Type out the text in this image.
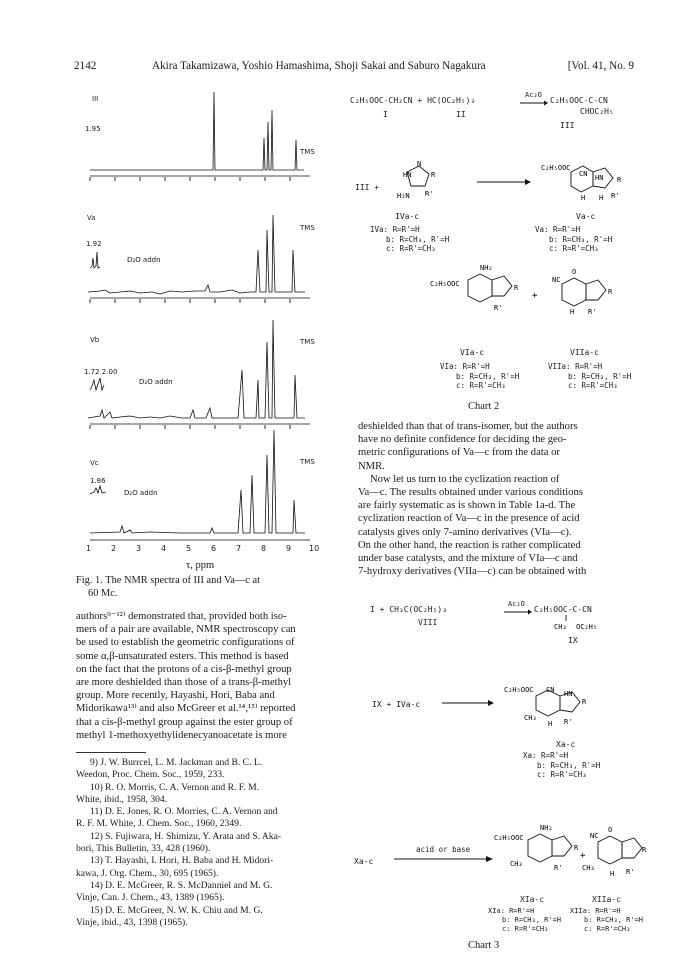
2142	Akira Takamizawa, Yoshio Hamashima, Shoji Sakai and Saburo Nagakura	[Vol. 41, No. 9
III
1.95
TMS
Va
1.92
D₂O addn
TMS
Vb
1.72 2.00
D₂O addn
TMS
Vc
1.86
D₂O addn
TMS
1 2 3 4 5 6 7 8 9 10
τ, ppm
Fig. 1. The NMR spectra of III and Va—c at
60 Mc.

authors⁹⁻¹²⁾ demonstrated that, provided both iso-

mers of a pair are available, NMR spectroscopy can

be used to establish the geometric configurations of

some α,β-unsaturated esters. This method is based

on the fact that the protons of a cis-β-methyl group

are more deshielded than those of a trans-β-methyl

group. More recently, Hayashi, Hori, Baba and

Midorikawa¹³⁾ and also McGreer et al.¹⁴,¹⁵⁾ reported

that a cis-β-methyl group against the ester group of

methyl 1-methoxyethylidenecyanoacetate is more

9) J. W. Burrcel, L. M. Jackman and B. C. L.
Weedon, Proc. Chem. Soc., 1959, 233.
10) R. O. Morris, C. A. Vernon and R. F. M.
White, ibid., 1958, 304.
11) D. E. Jones, R. O. Morries, C. A. Vernon and
R. F. M. White, J. Chem. Soc., 1960, 2349.
12) S. Fujiwara, H. Shimizu, Y. Arata and S. Aka-
bori, This Bulletin, 33, 428 (1960).
13) T. Hayashi, I. Hori, H. Baba and H. Midori-
kawa, J. Org. Chem., 30, 695 (1965).
14) D. E. McGreer, R. S. McDanniel and M. G.
Vinje, Can. J. Chem., 43, 1389 (1965).
15) D. E. McGreer, N. W. K. Chiu and M. G.
Vinje, ibid., 43, 1398 (1965).
C₂H₅OOC-CH₂CN + HC(OC₂H₅)₃
Ac₂O
C₂H₅OOC-C-CN
CHOC₂H₅
I	II
III
III +
HN
N
R
H₂N R'
C₂H₅OOC
CN HN R
H H R'
IVa-c	Va-c
IVa: R=R'=H
b: R=CH₃, R'=H
c: R=R'=CH₃
Va: R=R'=H
b: R=CH₃, R'=H
c: R=R'=CH₃
C₂H₅OOC
NH₂
R
R'
+
NC
O
R
H R'
VIa-c	VIIa-c
VIa: R=R'=H
b: R=CH₃, R'=H
c: R=R'=CH₃
VIIa: R=R'=H
b: R=CH₃, R'=H
c: R=R'=CH₃
Chart 2

deshielded than that of trans-isomer, but the authors

have no definite confidence for deciding the geo-

metric configurations of Va—c from the data or

NMR.

Now let us turn to the cyclization reaction of

Va—c. The results obtained under various conditions

are fairly systematic as is shown in Table 1a-d. The

cyclization reaction of Va—c in the presence of acid

catalysts gives only 7-amino derivatives (VIa—c).

On the other hand, the reaction is rather complicated

under base catalysts, and the mixture of VIa—c and

7-hydroxy derivatives (VIIa—c) can be obtained with

I + CH₃C(OC₂H₅)₃
Ac₂O
C₂H₅OOC-C-CN
CH₃ OC₂H₅
VIII
IX
IX + IVa-c
C₂H₅OOC CN HN
R
CH₃
H R'
Xa-c
Xa: R=R'=H
b: R=CH₃, R'=H
c: R=R'=CH₃
Xa-c
acid or base
C₂H₅OOC
NH₂
R
CH₃	R'
+
NC
O
CH₃
H R'
R
XIa-c	XIIa-c
XIa: R=R'=H
b: R=CH₃, R'=H
c: R=R'=CH₃
XIIa: R=R'=H
b: R=CH₃, R'=H
c: R=R'=CH₃
Chart 3
